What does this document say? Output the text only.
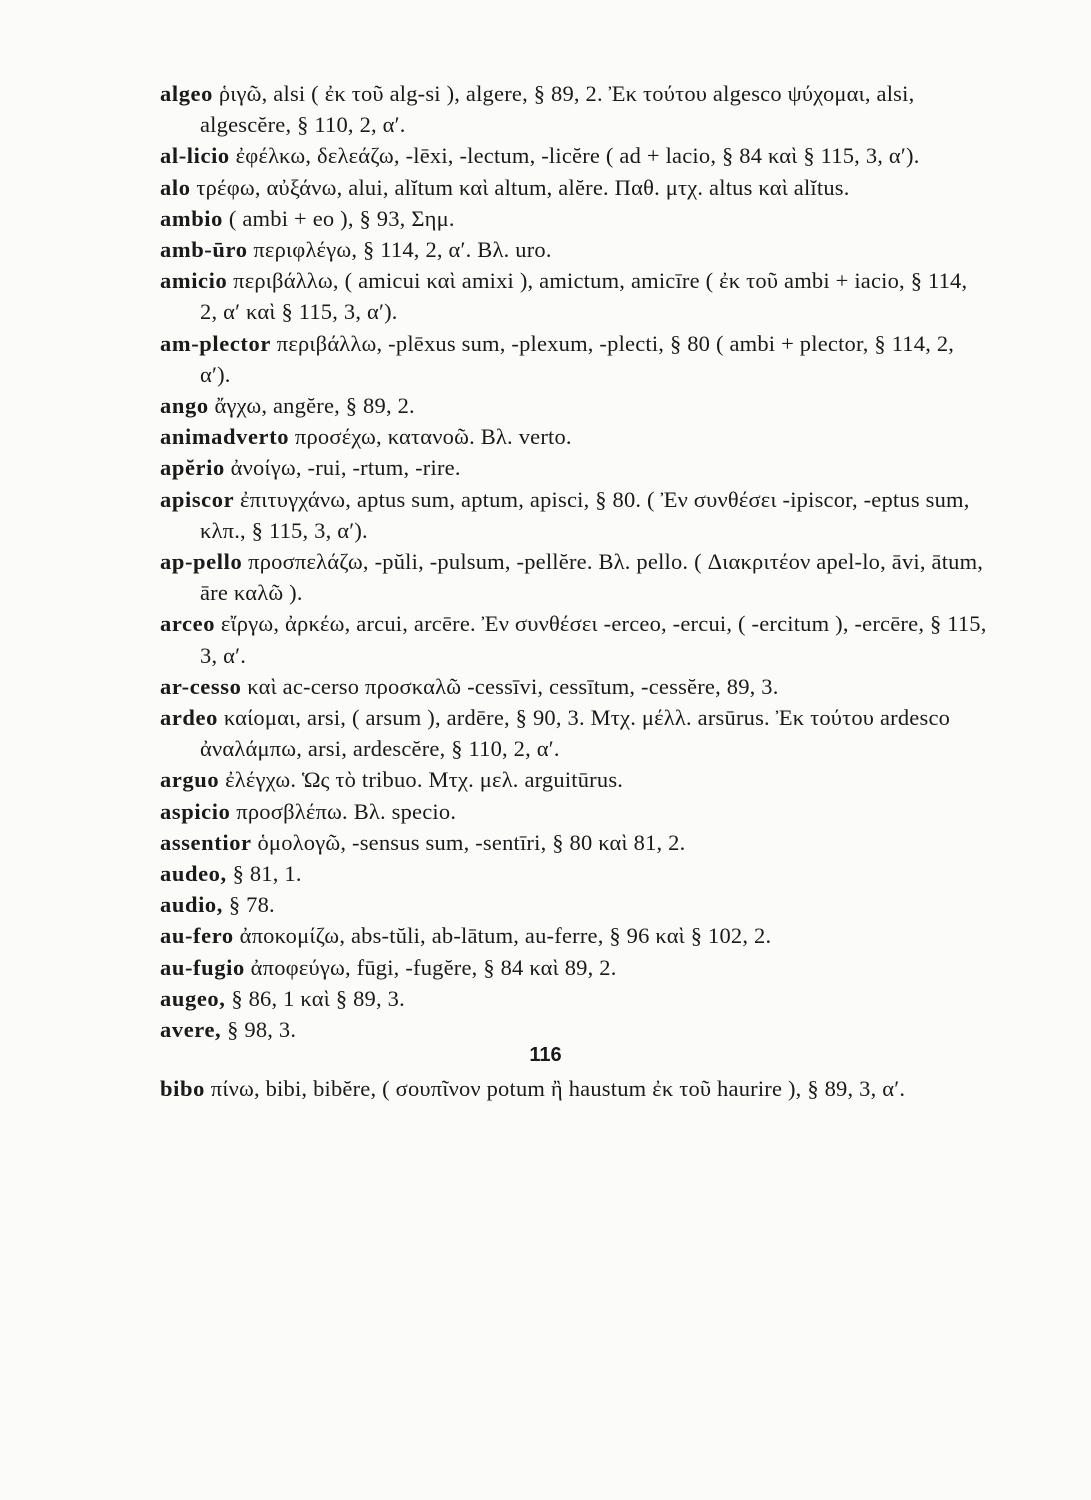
algeo ῥιγῶ, alsi ( ἐκ τοῦ alg-si ), algere, § 89, 2. Ἐκ τούτου algesco ψύχομαι, alsi, algescĕre, § 110, 2, α′.

al-licio ἐφέλκω, δελεάζω, -lēxi, -lectum, -licĕre ( ad + lacio, § 84 καὶ § 115, 3, α′).

alo τρέφω, αὐξάνω, alui, alĭtum καὶ altum, alĕre. Παθ. μτχ. altus καὶ alĭtus.

ambio ( ambi + eo ), § 93, Σημ.

amb-ūro περιφλέγω, § 114, 2, α′. Βλ. uro.

amicio περιβάλλω, ( amicui καὶ amixi ), amictum, amicīre ( ἐκ τοῦ ambi + iacio, § 114, 2, α′ καὶ § 115, 3, α′).

am-plector περιβάλλω, -plēxus sum, -plexum, -plecti, § 80 ( ambi + plector, § 114, 2, α′).

ango ἄγχω, angĕre, § 89, 2.

animadverto προσέχω, κατανοῶ. Βλ. verto.

apĕrio ἀνοίγω, -rui, -rtum, -rire.

apiscor ἐπιτυγχάνω, aptus sum, aptum, apisci, § 80. ( Ἐν συνθέσει -ipiscor, -eptus sum, κλπ., § 115, 3, α′).

ap-pello προσπελάζω, -pŭli, -pulsum, -pellĕre. Βλ. pello. ( Διακριτέον apel-lo, āvi, ātum, āre καλῶ ).

arceo εἴργω, ἀρκέω, arcui, arcēre. Ἐν συνθέσει -erceo, -ercui, ( -ercitum ), -ercēre, § 115, 3, α′.

ar-cesso καὶ ac-cerso προσκαλῶ -cessīvi, cessītum, -cessĕre, 89, 3.

ardeo καίομαι, arsi, ( arsum ), ardēre, § 90, 3. Μτχ. μέλλ. arsūrus. Ἐκ τούτου ardesco ἀναλάμπω, arsi, ardescĕre, § 110, 2, α′.

arguo ἐλέγχω. Ὡς τὸ tribuo. Μτχ. μελ. arguitūrus.

aspicio προσβλέπω. Βλ. specio.

assentior ὁμολογῶ, -sensus sum, -sentīri, § 80 καὶ 81, 2.

audeo, § 81, 1.

audio, § 78.

au-fero ἀποκομίζω, abs-tŭli, ab-lātum, au-ferre, § 96 καὶ § 102, 2.

au-fugio ἀποφεύγω, fūgi, -fugĕre, § 84 καὶ 89, 2.

augeo, § 86, 1 καὶ § 89, 3.

avere, § 98, 3.

bibo πίνω, bibi, bibĕre, ( σουπῖνον potum ἢ haustum ἐκ τοῦ haurire ), § 89, 3, α′.

116
